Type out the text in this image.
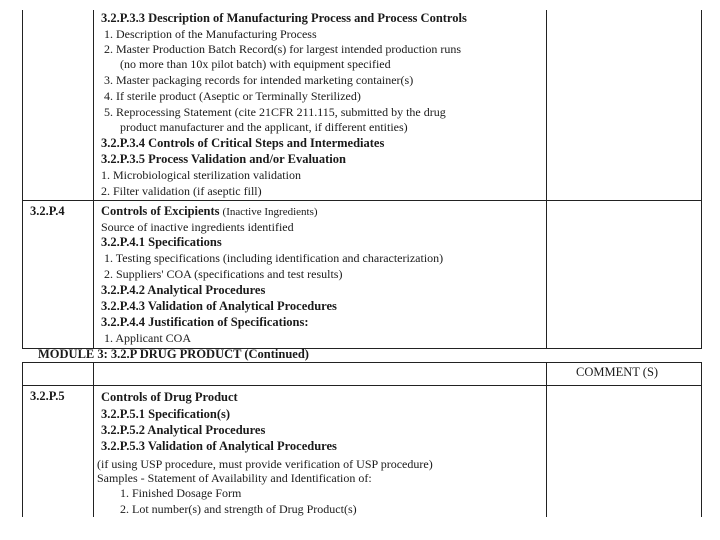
3.2.P.3.3 Description of Manufacturing Process and Process Controls
1. Description of the Manufacturing Process
2. Master Production Batch Record(s) for largest intended production runs
(no more than 10x pilot batch) with equipment specified
3. Master packaging records for intended marketing container(s)
4. If sterile product (Aseptic or Terminally Sterilized)
5. Reprocessing Statement (cite 21CFR 211.115, submitted by the drug
product manufacturer and the applicant, if different entities)
3.2.P.3.4 Controls of Critical Steps and Intermediates
3.2.P.3.5 Process Validation and/or Evaluation
1. Microbiological sterilization validation
2. Filter validation (if aseptic fill)
3.2.P.4	Controls of Excipients (Inactive Ingredients)
Source of inactive ingredients identified
3.2.P.4.1 Specifications
1. Testing specifications (including identification and characterization)
2. Suppliers' COA (specifications and test results)
3.2.P.4.2 Analytical Procedures
3.2.P.4.3 Validation of Analytical Procedures
3.2.P.4.4 Justification of Specifications:
1. Applicant COA
MODULE 3: 3.2.P DRUG PRODUCT (Continued)
COMMENT (S)
3.2.P.5	Controls of Drug Product
3.2.P.5.1 Specification(s)
3.2.P.5.2 Analytical Procedures
3.2.P.5.3 Validation of Analytical Procedures
(if using USP procedure, must provide verification of USP procedure)
Samples - Statement of Availability and Identification of:
1. Finished Dosage Form
2. Lot number(s) and strength of Drug Product(s)
